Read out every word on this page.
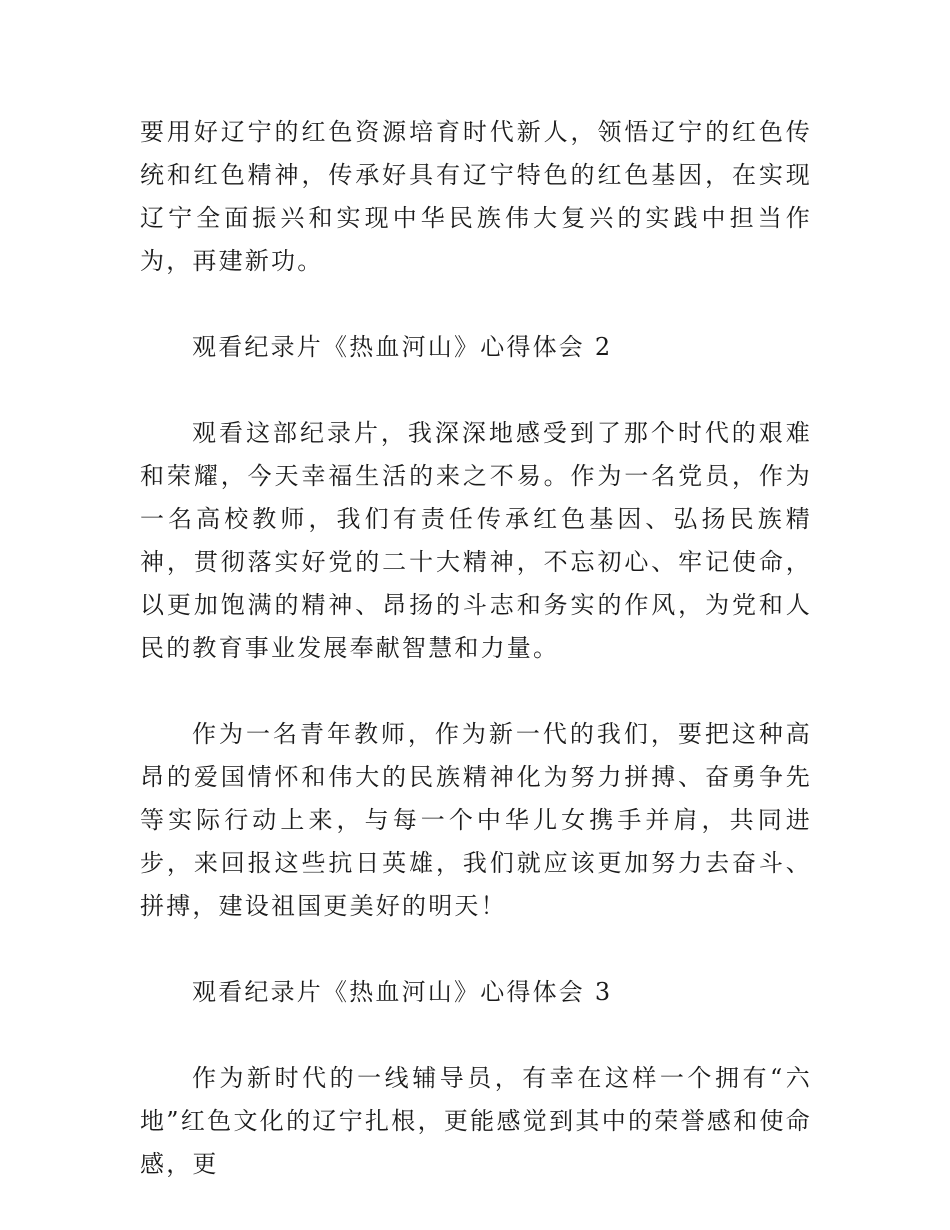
要用好辽宁的红色资源培育时代新人，领悟辽宁的红色传统和红色精神，传承好具有辽宁特色的红色基因，在实现辽宁全面振兴和实现中华民族伟大复兴的实践中担当作为，再建新功。

观看纪录片《热血河山》心得体会 2

观看这部纪录片，我深深地感受到了那个时代的艰难和荣耀，今天幸福生活的来之不易。作为一名党员，作为一名高校教师，我们有责任传承红色基因、弘扬民族精神，贯彻落实好党的二十大精神，不忘初心、牢记使命，以更加饱满的精神、昂扬的斗志和务实的作风，为党和人民的教育事业发展奉献智慧和力量。

作为一名青年教师，作为新一代的我们，要把这种高昂的爱国情怀和伟大的民族精神化为努力拼搏、奋勇争先等实际行动上来，与每一个中华儿女携手并肩，共同进步，来回报这些抗日英雄，我们就应该更加努力去奋斗、拼搏，建设祖国更美好的明天！

观看纪录片《热血河山》心得体会 3

作为新时代的一线辅导员，有幸在这样一个拥有“六地”红色文化的辽宁扎根，更能感觉到其中的荣誉感和使命感，更
